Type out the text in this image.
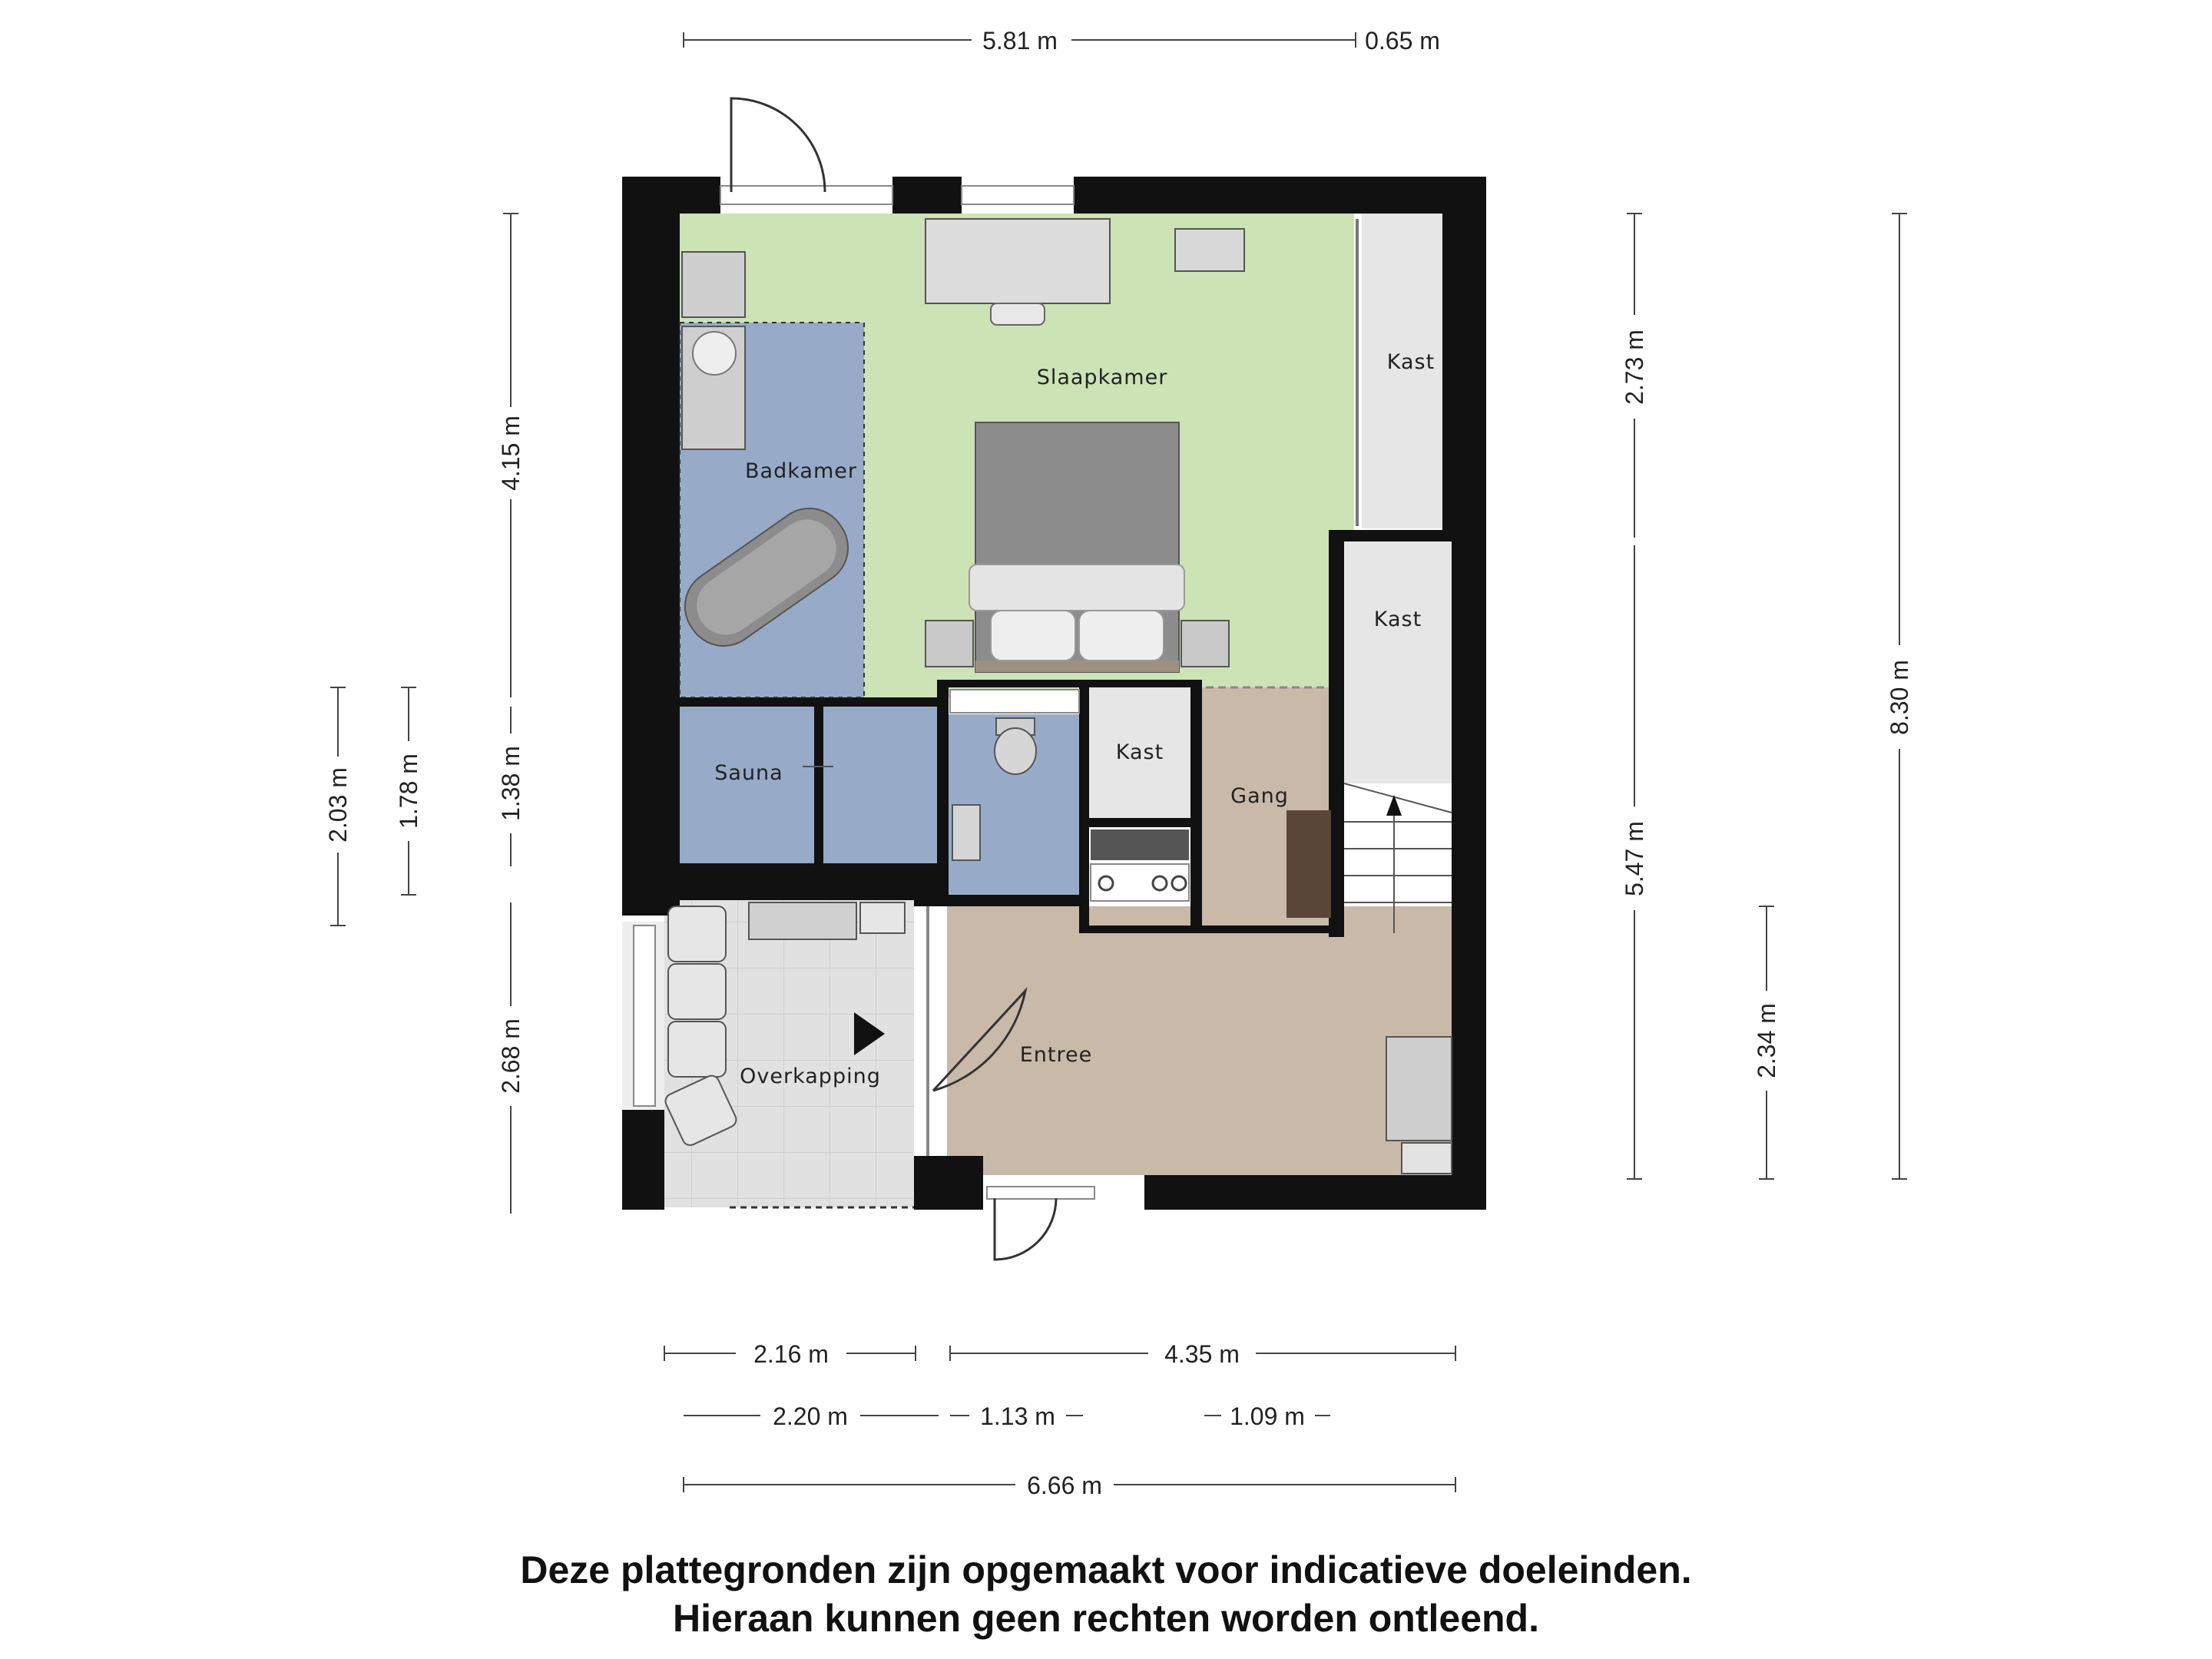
Slaapkamer
Badkamer
Kast
Kast
Kast
Sauna
Gang
Overkapping
Entree
5.81 m	0.65 m
4.15 m
1.38 m
2.68 m
2.03 m 1.78 m
2.73 m
5.47 m
2.34 m
8.30 m
2.16 m	4.35 m
2.20 m	1.13 m	1.09 m
6.66 m
Deze plattegronden zijn opgemaakt voor indicatieve doeleinden.
Hieraan kunnen geen rechten worden ontleend.
